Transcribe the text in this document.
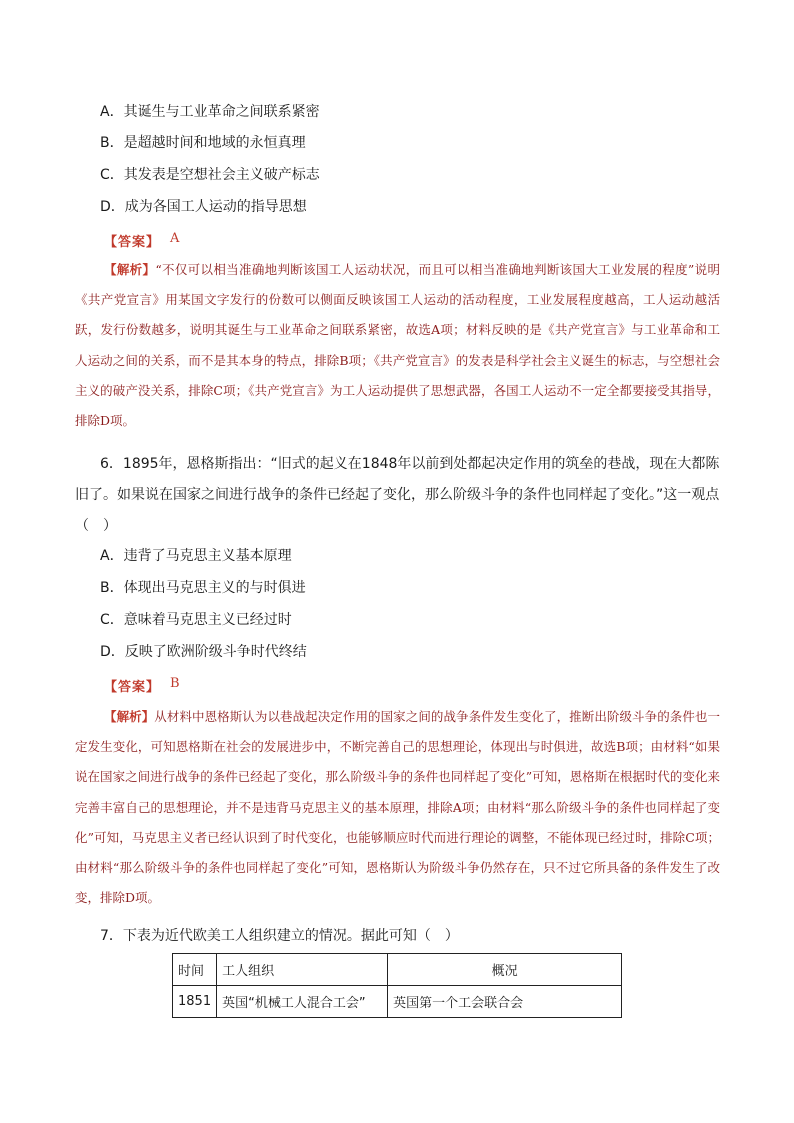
A．其诞生与工业革命之间联系紧密
B．是超越时间和地域的永恒真理
C．其发表是空想社会主义破产标志
D．成为各国工人运动的指导思想
【答案】 A

【解析】“不仅可以相当准确地判断该国工人运动状况，而且可以相当准确地判断该国大工业发展的程度”说明《共产党宣言》用某国文字发行的份数可以侧面反映该国工人运动的活动程度，工业发展程度越高，工人运动越活跃，发行份数越多，说明其诞生与工业革命之间联系紧密，故选A项；材料反映的是《共产党宣言》与工业革命和工人运动之间的关系，而不是其本身的特点，排除B项；《共产党宣言》的发表是科学社会主义诞生的标志，与空想社会主义的破产没关系，排除C项；《共产党宣言》为工人运动提供了思想武器，各国工人运动不一定全都要接受其指导，排除D项。

6．1895年，恩格斯指出：“旧式的起义在1848年以前到处都起决定作用的筑垒的巷战，现在大都陈旧了。如果说在国家之间进行战争的条件已经起了变化，那么阶级斗争的条件也同样起了变化。”这一观点（　）

A．违背了马克思主义基本原理
B．体现出马克思主义的与时俱进
C．意味着马克思主义已经过时
D．反映了欧洲阶级斗争时代终结
【答案】 B

【解析】从材料中恩格斯认为以巷战起决定作用的国家之间的战争条件发生变化了，推断出阶级斗争的条件也一定发生变化，可知恩格斯在社会的发展进步中，不断完善自己的思想理论，体现出与时俱进，故选B项；由材料“如果说在国家之间进行战争的条件已经起了变化，那么阶级斗争的条件也同样起了变化”可知，恩格斯在根据时代的变化来完善丰富自己的思想理论，并不是违背马克思主义的基本原理，排除A项；由材料“那么阶级斗争的条件也同样起了变化”可知，马克思主义者已经认识到了时代变化，也能够顺应时代而进行理论的调整，不能体现已经过时，排除C项；由材料“那么阶级斗争的条件也同样起了变化”可知，恩格斯认为阶级斗争仍然存在，只不过它所具备的条件发生了改变，排除D项。

7．下表为近代欧美工人组织建立的情况。据此可知（　）
时间	工人组织	概况
1851	英国“机械工人混合工会”	英国第一个工会联合会
